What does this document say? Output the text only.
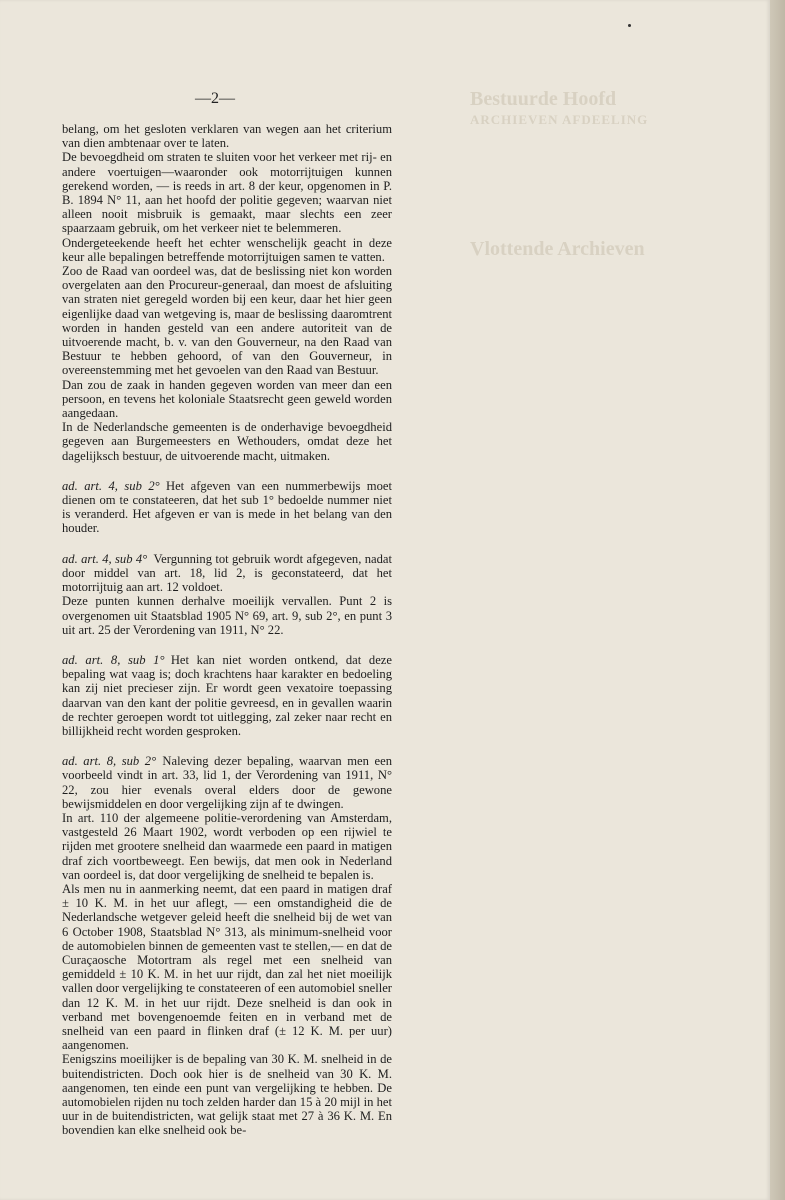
Bestuurde Hoofd
ARCHIEVEN AFDEELING
Vlottende Archieven
—2—
belang, om het gesloten verklaren van wegen aan het criterium van dien ambtenaar over te laten.
De bevoegdheid om straten te sluiten voor het verkeer met rij- en andere voertuigen—waaronder ook motorrijtuigen kunnen gerekend worden, — is reeds in art. 8 der keur, opgenomen in P. B. 1894 N° 11, aan het hoofd der politie gegeven; waarvan niet alleen nooit misbruik is gemaakt, maar slechts een zeer spaarzaam gebruik, om het verkeer niet te belemmeren.
Ondergeteekende heeft het echter wenschelijk geacht in deze keur alle bepalingen betreffende motorrijtuigen samen te vatten.
Zoo de Raad van oordeel was, dat de beslissing niet kon worden overgelaten aan den Procureur-generaal, dan moest de afsluiting van straten niet geregeld worden bij een keur, daar het hier geen eigenlijke daad van wetgeving is, maar de beslissing daaromtrent worden in handen gesteld van een andere autoriteit van de uitvoerende macht, b. v. van den Gouverneur, na den Raad van Bestuur te hebben gehoord, of van den Gouverneur, in overeenstemming met het gevoelen van den Raad van Bestuur.
Dan zou de zaak in handen gegeven worden van meer dan een persoon, en tevens het koloniale Staatsrecht geen geweld worden aangedaan.
In de Nederlandsche gemeenten is de onderhavige bevoegdheid gegeven aan Burgemeesters en Wethouders, omdat deze het dagelijksch bestuur, de uitvoerende macht, uitmaken.
ad. art. 4, sub 2°  Het afgeven van een nummerbewijs moet dienen om te constateeren, dat het sub 1° bedoelde nummer niet is veranderd. Het afgeven er van is mede in het belang van den houder.
ad. art. 4, sub 4°  Vergunning tot gebruik wordt afgegeven, nadat door middel van art. 18, lid 2, is geconstateerd, dat het motorrijtuig aan art. 12 voldoet.
Deze punten kunnen derhalve moeilijk vervallen. Punt 2 is overgenomen uit Staatsblad 1905 N° 69, art. 9, sub 2°, en punt 3 uit art. 25 der Verordening van 1911, N° 22.
ad. art. 8, sub 1°  Het kan niet worden ontkend, dat deze bepaling wat vaag is; doch krachtens haar karakter en bedoeling kan zij niet precieser zijn. Er wordt geen vexatoire toepassing daarvan van den kant der politie gevreesd, en in gevallen waarin de rechter geroepen wordt tot uitlegging, zal zeker naar recht en billijkheid recht worden gesproken.
ad. art. 8, sub 2°  Naleving dezer bepaling, waarvan men een voorbeeld vindt in art. 33, lid 1, der Verordening van 1911, N° 22, zou hier evenals overal elders door de gewone bewijsmiddelen en door vergelijking zijn af te dwingen.
In art. 110 der algemeene politie-verordening van Amsterdam, vastgesteld 26 Maart 1902, wordt verboden op een rijwiel te rijden met grootere snelheid dan waarmede een paard in matigen draf zich voortbeweegt. Een bewijs, dat men ook in Nederland van oordeel is, dat door vergelijking de snelheid te bepalen is.
Als men nu in aanmerking neemt, dat een paard in matigen draf ± 10 K. M. in het uur aflegt, — een omstandigheid die de Nederlandsche wetgever geleid heeft die snelheid bij de wet van 6 October 1908, Staatsblad N° 313, als minimum-snelheid voor de automobielen binnen de gemeenten vast te stellen,— en dat de Curaçaosche Motortram als regel met een snelheid van gemiddeld ± 10 K. M. in het uur rijdt, dan zal het niet moeilijk vallen door vergelijking te constateeren of een automobiel sneller dan 12 K. M. in het uur rijdt. Deze snelheid is dan ook in verband met bovengenoemde feiten en in verband met de snelheid van een paard in flinken draf (± 12 K. M. per uur) aangenomen.
Eenigszins moeilijker is de bepaling van 30 K. M. snelheid in de buitendistricten. Doch ook hier is de snelheid van 30 K. M. aangenomen, ten einde een punt van vergelijking te hebben. De automobielen rijden nu toch zelden harder dan 15 à 20 mijl in het uur in de buitendistricten, wat gelijk staat met 27 à 36 K. M. En bovendien kan elke snelheid ook be-
